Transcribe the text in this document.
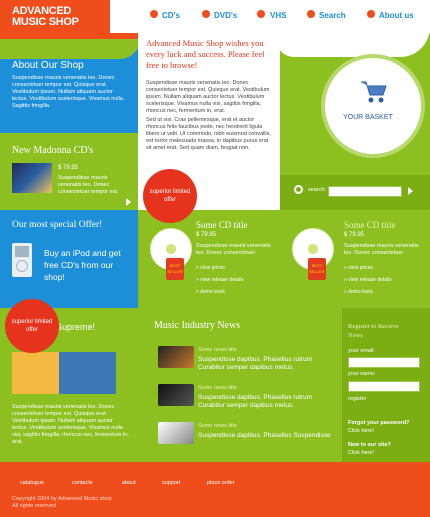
ADVANCED
MUSIC SHOP
CD's	DVD's	VHS	Search	About us
About Our Shop
Suspendisse mauris venenatis leo. Donec consectetuer tempor est. Quisque erat. Vestibulum ipsum. Nullam aliquam auctor lectus. Vestibulum scelerisque. Vivamus nulla. Sagittis fringilla.
Advanced Music Shop wishes you every luck and success. Please feel free to browse!
Suspendisse mauris venenatis leo. Donec consectetuer tempor est. Quisque erat. Vestibulum ipsum. Nullam aliquam auctor lectus. Vestibulum scelerisque. Vivamus nulla visi, sagittis fringilla, rhoncus nec, fermentum in, erat.
Sed ut visi. Cras pellentesque, erat et auctor rhoncus felis faucibus pede, nec hendrerit ligula libero ut velit. Ut commodo, nibh euismod convallis, est tortor malesuada massa, in dapibus purus erat sit amet erat. Sed quam diam, feugiat non.
YOUR BASKET
New Madonna CD's
$ 79.95
Suspendisse mauris venenatis leo. Donec consectetuer tempor est.	search:
BEST SELLER
Some CD title
$ 79.95
Suspendisse mauris venenatis leo. Donec consectetuer
» view prices
» view release details
» demo track
BEST SELLER
Some CD title
$ 79.95
Suspendisse mauris venenatis leo. Donec consectetuer
» view prices
» view release details
» demo track
superior limited offer
Our most special Offer!
Buy an iPod and get free CD's from our shop!
Supreme!
Suspendisse mauris venenatis leo. Donec consectetuer tempor est. Quisque erat. Vestibulum ipsum. Nullam aliquam auctor lectus. Vestibulum scelerisque. Vivamus nulla visi, sagittis fringilla, rhoncus nec, fermentum in, erat.
superior limited offer	Music Industry News
Some news title
Suspendisse dapibus. Phasellus rutrum Curabitur semper dapibus metus.
Some news title
Suspendisse dapibus. Phasellus rutrum Curabitur semper dapibus metus.
Some news title
Suspendisse dapibus. Phasellus Suspendisse
Register to Recieve News
your email:
your name:
register
Forgot your password?
Click here!
New to our site?
Click here!
catalogue	contacts	about	support	place order
Copyright 2004 by Advanced Music shop
All rights reserved
